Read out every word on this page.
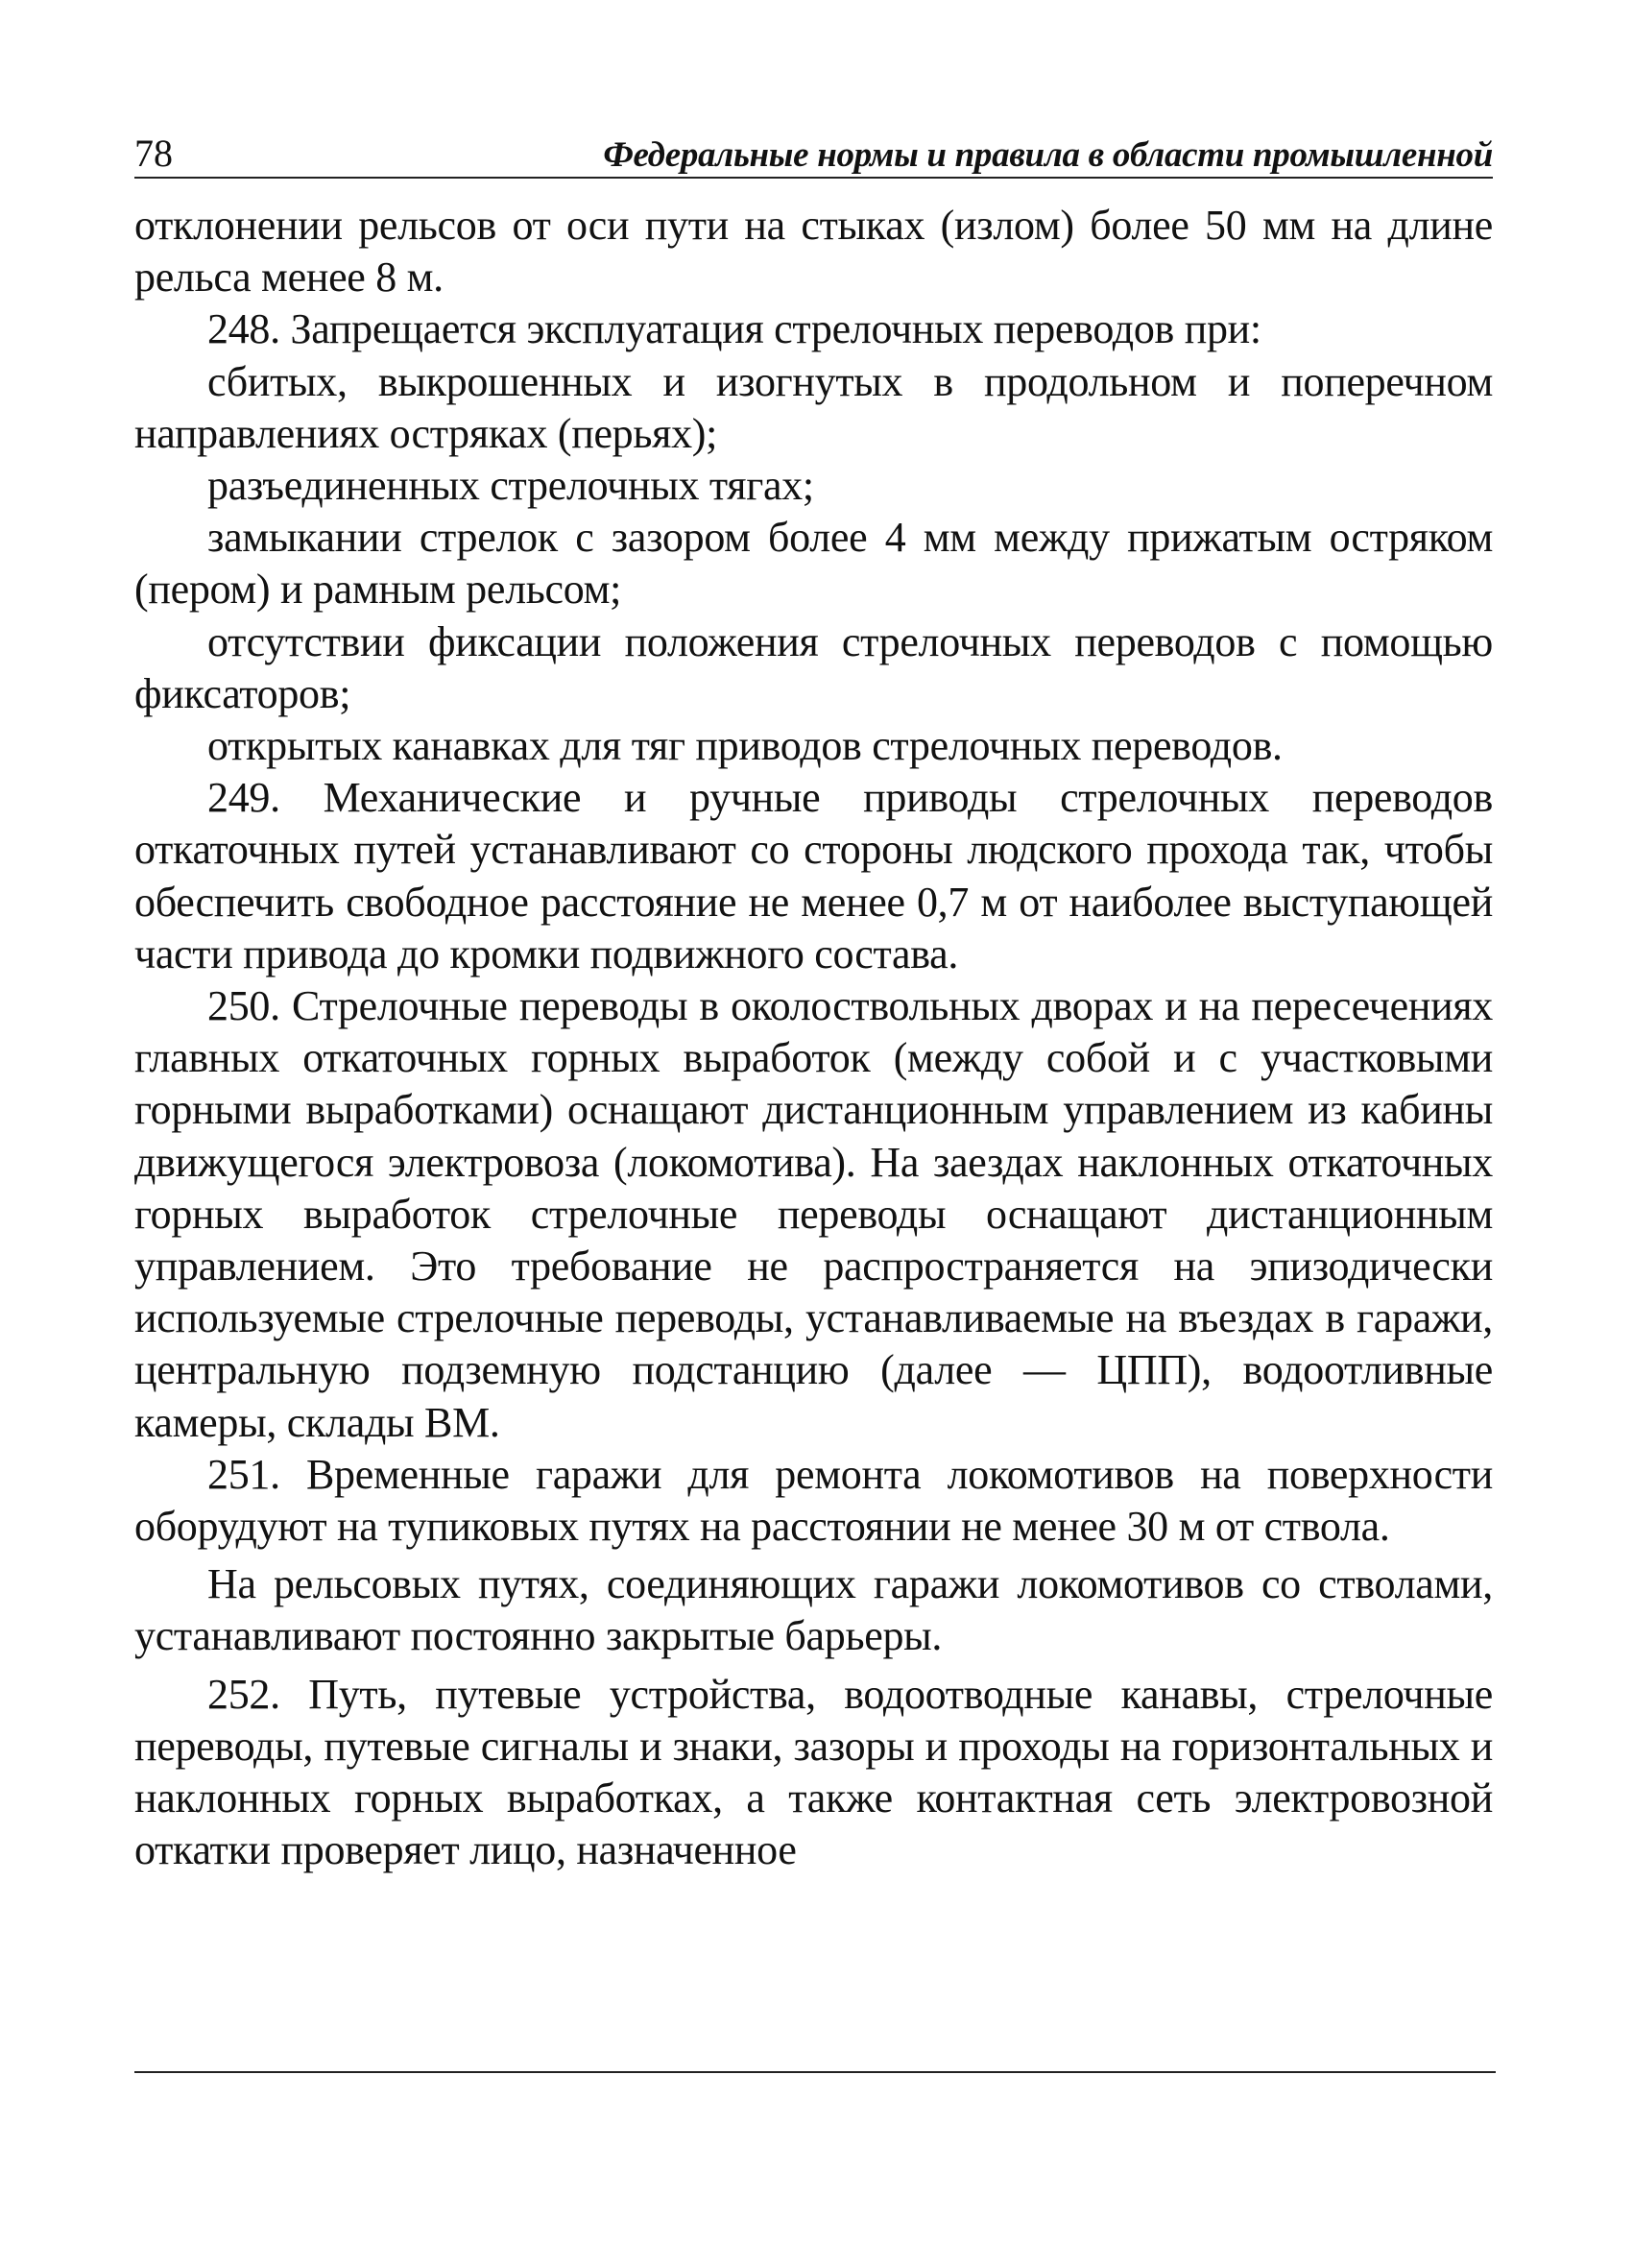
78	Федеральные нормы и правила в области промышленной

отклонении рельсов от оси пути на стыках (излом) более 50 мм на длине рельса менее 8 м.

248. Запрещается эксплуатация стрелочных переводов при:

сбитых, выкрошенных и изогнутых в продольном и поперечном направлениях остряках (перьях);

разъединенных стрелочных тягах;

замыкании стрелок с зазором более 4 мм между прижатым остряком (пером) и рамным рельсом;

отсутствии фиксации положения стрелочных переводов с помощью фиксаторов;

открытых канавках для тяг приводов стрелочных переводов.

249. Механические и ручные приводы стрелочных переводов откаточных путей устанавливают со стороны людского прохода так, чтобы обеспечить свободное расстояние не менее 0,7 м от наиболее выступающей части привода до кромки подвижного состава.

250. Стрелочные переводы в околоствольных дворах и на пересечениях главных откаточных горных выработок (между собой и с участковыми горными выработками) оснащают дистанционным управлением из кабины движущегося электровоза (локомотива). На заездах наклонных откаточных горных выработок стрелочные переводы оснащают дистанционным управлением. Это требование не распространяется на эпизодически используемые стрелочные переводы, устанавливаемые на въездах в гаражи, центральную подземную подстанцию (далее — ЦПП), водоотливные камеры, склады ВМ.

251. Временные гаражи для ремонта локомотивов на поверхности оборудуют на тупиковых путях на расстоянии не менее 30 м от ствола.

На рельсовых путях, соединяющих гаражи локомотивов со стволами, устанавливают постоянно закрытые барьеры.

252. Путь, путевые устройства, водоотводные канавы, стрелочные переводы, путевые сигналы и знаки, зазоры и проходы на горизонтальных и наклонных горных выработках, а также контактная сеть электровозной откатки проверяет лицо, назначенное
